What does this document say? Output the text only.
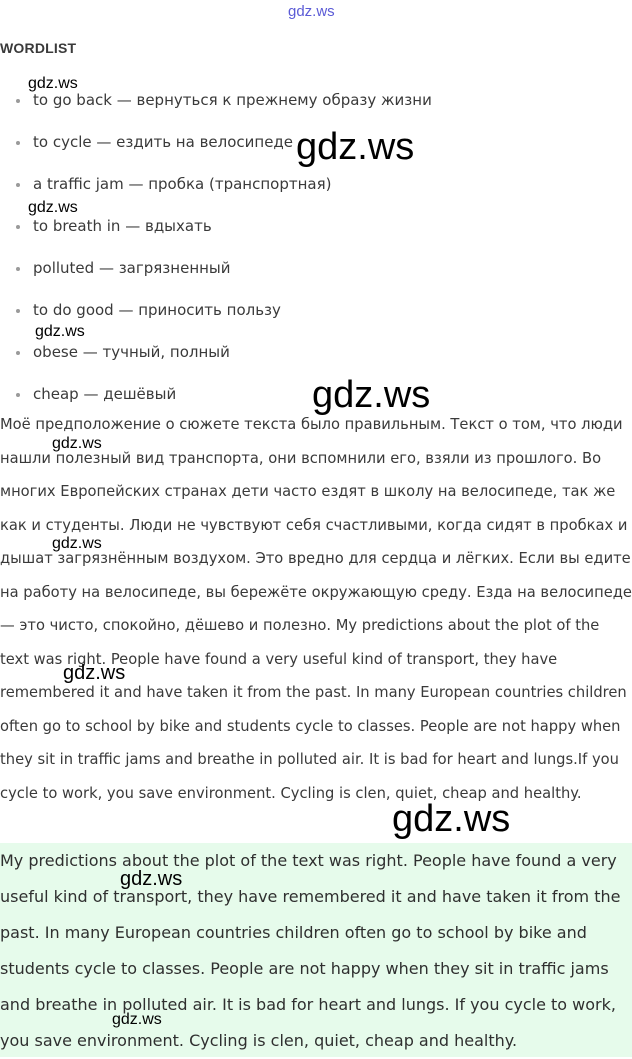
gdz.ws
WORDLIST
to go back — вернуться к прежнему образу жизни
to cycle — ездить на велосипеде
a traffic jam — пробка (транспортная)
to breath in — вдыхать
polluted — загрязненный
to do good — приносить пользу
obese — тучный, полный
cheap — дешёвый

Моё предположение о сюжете текста было правильным. Текст о том, что люди нашли полезный вид транспорта, они вспомнили его, взяли из прошлого. Во многих Европейских странах дети часто ездят в школу на велосипеде, так же как и студенты. Люди не чувствуют себя счастливыми, когда сидят в пробках и дышат загрязнённым воздухом. Это вредно для сердца и лёгких. Если вы едите на работу на велосипеде, вы бережёте окружающую среду. Езда на велосипеде — это чисто, спокойно, дёшево и полезно. My predictions about the plot of the text was right. People have found a very useful kind of transport, they have remembered it and have taken it from the past. In many European countries children often go to school by bike and students cycle to classes. People are not happy when they sit in traffic jams and breathe in polluted air. It is bad for heart and lungs.If you cycle to work, you save environment. Cycling is clen, quiet, cheap and healthy.

My predictions about the plot of the text was right. People have found a very useful kind of transport, they have remembered it and have taken it from the past. In many European countries children often go to school by bike and students cycle to classes. People are not happy when they sit in traffic jams and breathe in polluted air. It is bad for heart and lungs. If you cycle to work, you save environment. Cycling is clen, quiet, cheap and healthy.

gdz.ws
gdz.ws
gdz.ws
gdz.ws
gdz.ws
gdz.ws
gdz.ws
gdz.ws
gdz.ws
gdz.ws
gdz.ws
